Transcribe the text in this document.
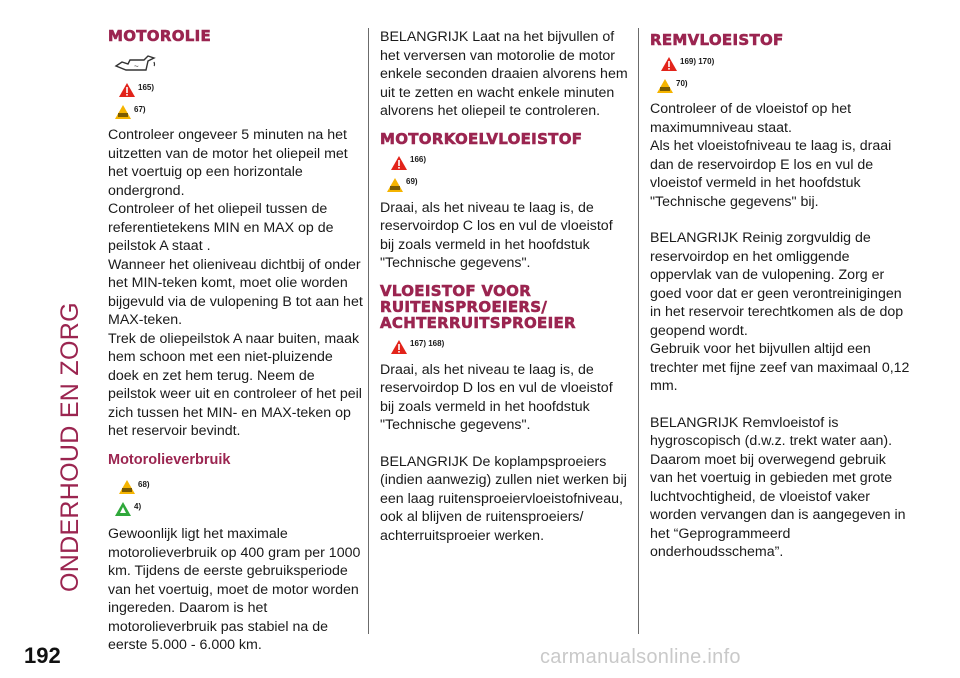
ONDERHOUD EN ZORG
192
MOTOROLIE
~
165)
67)

Controleer ongeveer 5 minuten na het uitzetten van de motor het oliepeil met het voertuig op een horizontale ondergrond.

Controleer of het oliepeil tussen de referentietekens MIN en MAX op de peilstok A staat .

Wanneer het olieniveau dichtbij of onder het MIN-teken komt, moet olie worden bijgevuld via de vulopening B tot aan het MAX-teken.

Trek de oliepeilstok A naar buiten, maak hem schoon met een niet-pluizende doek en zet hem terug. Neem de peilstok weer uit en controleer of het peil zich tussen het MIN- en MAX-teken op het reservoir bevindt.

Motorolieverbruik
68)
4)

Gewoonlijk ligt het maximale motorolieverbruik op 400 gram per 1000 km. Tijdens de eerste gebruiksperiode van het voertuig, moet de motor worden ingereden. Daarom is het motorolieverbruik pas stabiel na de eerste 5.000 - 6.000 km.

BELANGRIJK Laat na het bijvullen of het verversen van motorolie de motor enkele seconden draaien alvorens hem uit te zetten en wacht enkele minuten alvorens het oliepeil te controleren.

MOTORKOELVLOEISTOF
166)
69)

Draai, als het niveau te laag is, de reservoirdop C los en vul de vloeistof bij zoals vermeld in het hoofdstuk "Technische gegevens".

VLOEISTOF VOOR RUITENSPROEIERS/ ACHTERRUITSPROEIER
167) 168)

Draai, als het niveau te laag is, de reservoirdop D los en vul de vloeistof bij zoals vermeld in het hoofdstuk "Technische gegevens".

BELANGRIJK De koplampsproeiers (indien aanwezig) zullen niet werken bij een laag ruitensproeiervloeistofniveau, ook al blijven de ruitensproeiers/ achterruitsproeier werken.

REMVLOEISTOF
169) 170)
70)

Controleer of de vloeistof op het maximumniveau staat.

Als het vloeistofniveau te laag is, draai dan de reservoirdop E los en vul de vloeistof vermeld in het hoofdstuk "Technische gegevens" bij.

BELANGRIJK Reinig zorgvuldig de reservoirdop en het omliggende oppervlak van de vulopening. Zorg er goed voor dat er geen verontreinigingen in het reservoir terechtkomen als de dop geopend wordt.

Gebruik voor het bijvullen altijd een trechter met fijne zeef van maximaal 0,12 mm.

BELANGRIJK Remvloeistof is hygroscopisch (d.w.z. trekt water aan). Daarom moet bij overwegend gebruik van het voertuig in gebieden met grote luchtvochtigheid, de vloeistof vaker worden vervangen dan is aangegeven in het “Geprogrammeerd onderhoudsschema”.

carmanualsonline.info
